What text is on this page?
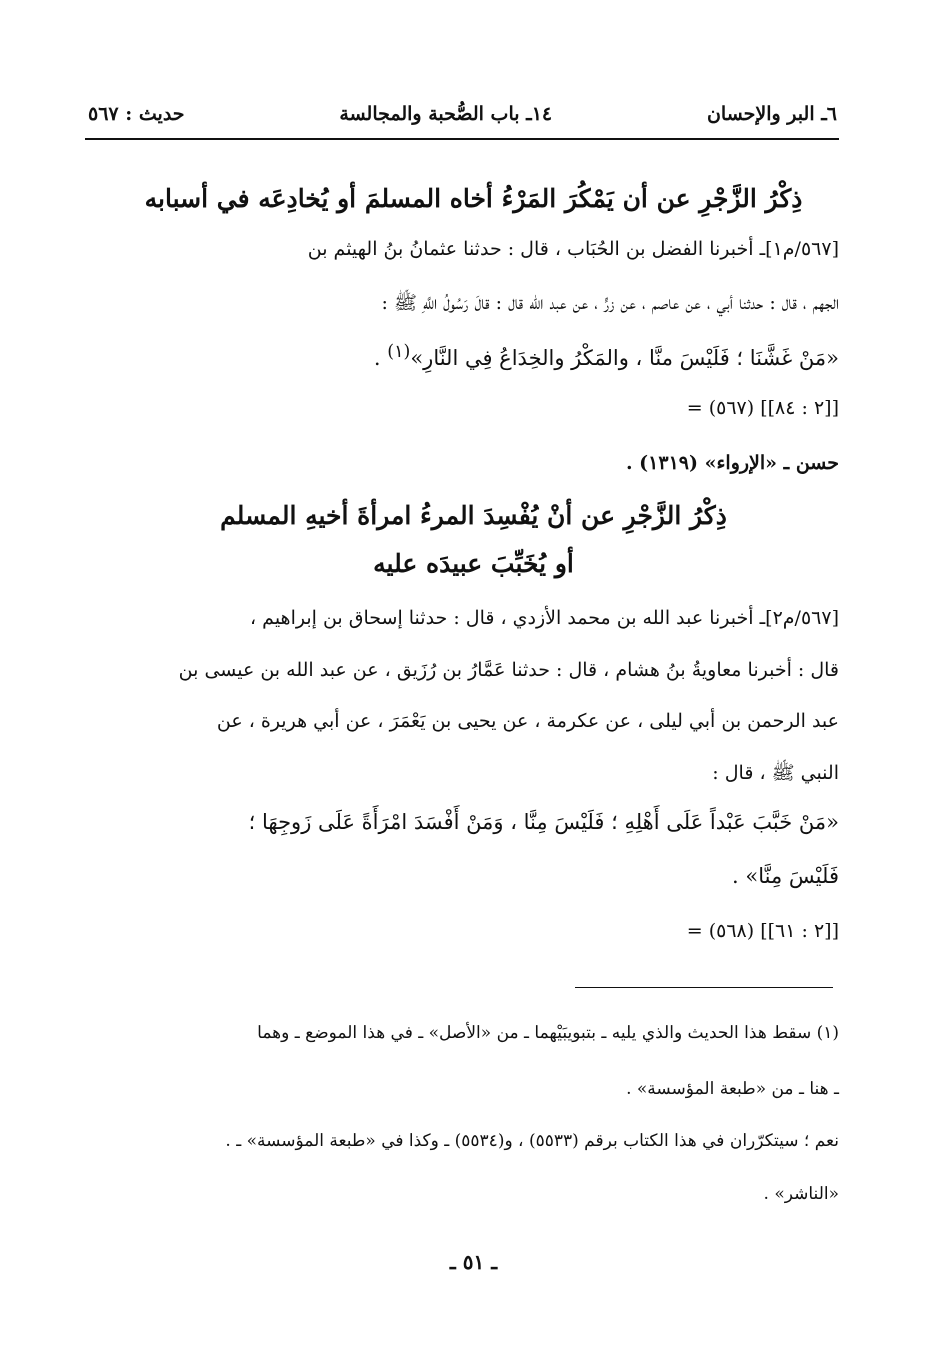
٦ـ البر والإحسان
١٤ـ باب الصُّحبة والمجالسة
حديث : ٥٦٧
ذِكْرُ الزَّجْرِ عن أن يَمْكُرَ المَرْءُ أخاه المسلمَ أو يُخادِعَه في أسبابه
[٥٦٧/م١]ـ أخبرنا الفضل بن الحُبَاب ، قال : حدثنا عثمانُ بنُ الهيثم بن
الجهم ، قال : حدثنا أبي ، عن عاصم ، عن زرٍّ ، عن عبد الله قال : قالَ رَسُولُ اللَّهِ ﷺ :
«مَنْ غَشَّنَا ؛ فَلَيْسَ منَّا ، والمَكْرُ والخِدَاعُ فِي النَّارِ»$^{(١)}$ .
= (٥٦٧) [[٢ : ٨٤]]
حسن ـ «الإرواء» (١٣١٩) .
ذِكْرُ الزَّجْرِ عن أنْ يُفْسِدَ المرءُ امرأةَ أخيهِ المسلم
أو يُخَبِّبَ عبيدَه عليه
[٥٦٧/م٢]ـ أخبرنا عبد الله بن محمد الأزدي ، قال : حدثنا إسحاق بن إبراهيم ،
قال : أخبرنا معاويةُ بنُ هشام ، قال : حدثنا عَمَّارُ بن رُزَيق ، عن عبد الله بن عيسى بن
عبد الرحمن بن أبي ليلى ، عن عكرمة ، عن يحيى بن يَعْمَرَ ، عن أبي هريرة ، عن
النبي ﷺ ، قال :
«مَنْ خَبَّبَ عَبْداً عَلَى أَهْلِهِ ؛ فَلَيْسَ مِنَّا ، وَمَنْ أَفْسَدَ امْرَأَةً عَلَى زَوجِهَا ؛
فَلَيْسَ مِنَّا» .
= (٥٦٨) [[٢ : ٦١]]
(١) سقط هذا الحديث والذي يليه ـ بتبويبَيْهما ـ من «الأصل» ـ في هذا الموضع ـ وهما
ـ هنا ـ من «طبعة المؤسسة» .
نعم ؛ سيتكرّران في هذا الكتاب برقم (٥٥٣٣) ، و(٥٥٣٤) ـ وكذا في «طبعة المؤسسة» ـ .
«الناشر» .
ـ ٥١ ـ
